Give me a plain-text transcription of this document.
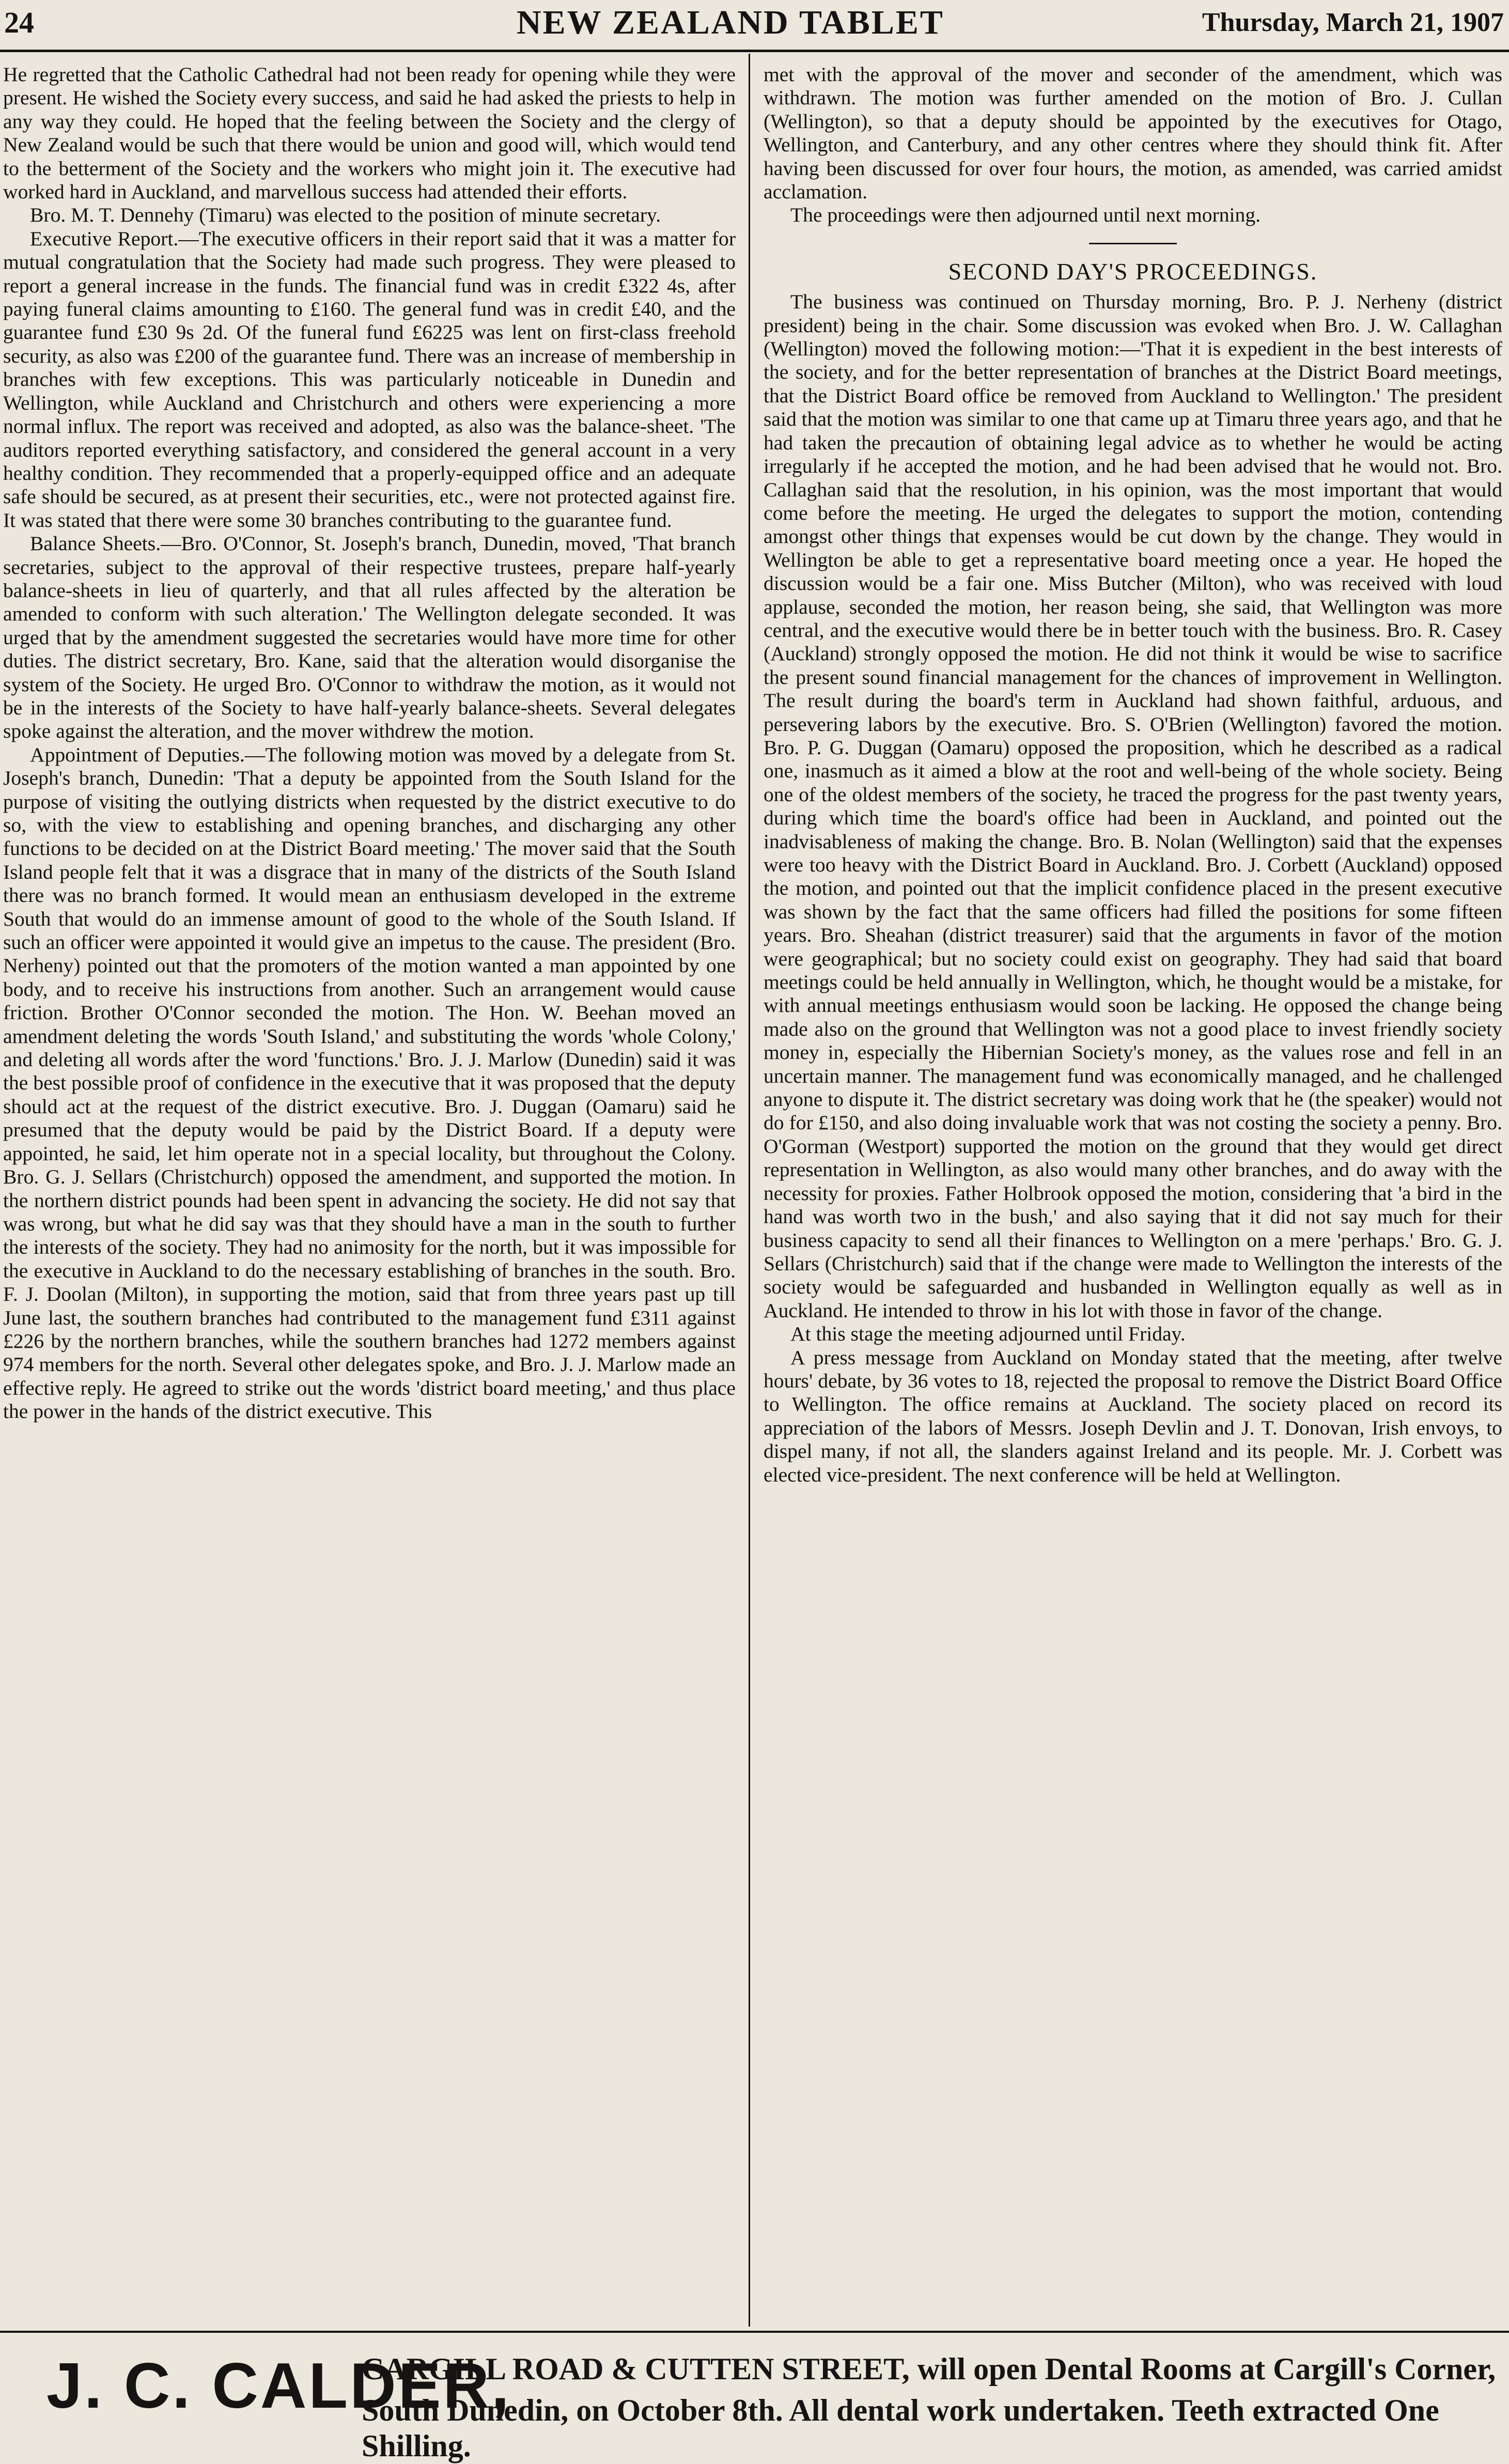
24	NEW ZEALAND TABLET	Thursday, March 21, 1907

He regretted that the Catholic Cathedral had not been ready for opening while they were present. He wished the Society every success, and said he had asked the priests to help in any way they could. He hoped that the feeling between the Society and the clergy of New Zealand would be such that there would be union and good will, which would tend to the betterment of the Society and the workers who might join it. The executive had worked hard in Auckland, and marvellous success had attended their efforts.

Bro. M. T. Dennehy (Timaru) was elected to the position of minute secretary.

Executive Report.—The executive officers in their report said that it was a matter for mutual congratulation that the Society had made such progress. They were pleased to report a general increase in the funds. The financial fund was in credit £322 4s, after paying funeral claims amounting to £160. The general fund was in credit £40, and the guarantee fund £30 9s 2d. Of the funeral fund £6225 was lent on first-class freehold security, as also was £200 of the guarantee fund. There was an increase of membership in branches with few exceptions. This was particularly noticeable in Dunedin and Wellington, while Auckland and Christchurch and others were experiencing a more normal influx. The report was received and adopted, as also was the balance-sheet. 'The auditors reported everything satisfactory, and considered the general account in a very healthy condition. They recommended that a properly-equipped office and an adequate safe should be secured, as at present their securities, etc., were not protected against fire. It was stated that there were some 30 branches contributing to the guarantee fund.

Balance Sheets.—Bro. O'Connor, St. Joseph's branch, Dunedin, moved, 'That branch secretaries, subject to the approval of their respective trustees, prepare half-yearly balance-sheets in lieu of quarterly, and that all rules affected by the alteration be amended to conform with such alteration.' The Wellington delegate seconded. It was urged that by the amendment suggested the secretaries would have more time for other duties. The district secretary, Bro. Kane, said that the alteration would disorganise the system of the Society. He urged Bro. O'Connor to withdraw the motion, as it would not be in the interests of the Society to have half-yearly balance-sheets. Several delegates spoke against the alteration, and the mover withdrew the motion.

Appointment of Deputies.—The following motion was moved by a delegate from St. Joseph's branch, Dunedin: 'That a deputy be appointed from the South Island for the purpose of visiting the outlying districts when requested by the district executive to do so, with the view to establishing and opening branches, and discharging any other functions to be decided on at the District Board meeting.' The mover said that the South Island people felt that it was a disgrace that in many of the districts of the South Island there was no branch formed. It would mean an enthusiasm developed in the extreme South that would do an immense amount of good to the whole of the South Island. If such an officer were appointed it would give an impetus to the cause. The president (Bro. Nerheny) pointed out that the promoters of the motion wanted a man appointed by one body, and to receive his instructions from another. Such an arrangement would cause friction. Brother O'Connor seconded the motion. The Hon. W. Beehan moved an amendment deleting the words 'South Island,' and substituting the words 'whole Colony,' and deleting all words after the word 'functions.' Bro. J. J. Marlow (Dunedin) said it was the best possible proof of confidence in the executive that it was proposed that the deputy should act at the request of the district executive. Bro. J. Duggan (Oamaru) said he presumed that the deputy would be paid by the District Board. If a deputy were appointed, he said, let him operate not in a special locality, but throughout the Colony. Bro. G. J. Sellars (Christchurch) opposed the amendment, and supported the motion. In the northern district pounds had been spent in advancing the society. He did not say that was wrong, but what he did say was that they should have a man in the south to further the interests of the society. They had no animosity for the north, but it was impossible for the executive in Auckland to do the necessary establishing of branches in the south. Bro. F. J. Doolan (Milton), in supporting the motion, said that from three years past up till June last, the southern branches had contributed to the management fund £311 against £226 by the northern branches, while the southern branches had 1272 members against 974 members for the north. Several other delegates spoke, and Bro. J. J. Marlow made an effective reply. He agreed to strike out the words 'district board meeting,' and thus place the power in the hands of the district executive. This

met with the approval of the mover and seconder of the amendment, which was withdrawn. The motion was further amended on the motion of Bro. J. Cullan (Wellington), so that a deputy should be appointed by the executives for Otago, Wellington, and Canterbury, and any other centres where they should think fit. After having been discussed for over four hours, the motion, as amended, was carried amidst acclamation.

The proceedings were then adjourned until next morning.

SECOND DAY'S PROCEEDINGS.

The business was continued on Thursday morning, Bro. P. J. Nerheny (district president) being in the chair. Some discussion was evoked when Bro. J. W. Callaghan (Wellington) moved the following motion:—'That it is expedient in the best interests of the society, and for the better representation of branches at the District Board meetings, that the District Board office be removed from Auckland to Wellington.' The president said that the motion was similar to one that came up at Timaru three years ago, and that he had taken the precaution of obtaining legal advice as to whether he would be acting irregularly if he accepted the motion, and he had been advised that he would not. Bro. Callaghan said that the resolution, in his opinion, was the most important that would come before the meeting. He urged the delegates to support the motion, contending amongst other things that expenses would be cut down by the change. They would in Wellington be able to get a representative board meeting once a year. He hoped the discussion would be a fair one. Miss Butcher (Milton), who was received with loud applause, seconded the motion, her reason being, she said, that Wellington was more central, and the executive would there be in better touch with the business. Bro. R. Casey (Auckland) strongly opposed the motion. He did not think it would be wise to sacrifice the present sound financial management for the chances of improvement in Wellington. The result during the board's term in Auckland had shown faithful, arduous, and persevering labors by the executive. Bro. S. O'Brien (Wellington) favored the motion. Bro. P. G. Duggan (Oamaru) opposed the proposition, which he described as a radical one, inasmuch as it aimed a blow at the root and well-being of the whole society. Being one of the oldest members of the society, he traced the progress for the past twenty years, during which time the board's office had been in Auckland, and pointed out the inadvisableness of making the change. Bro. B. Nolan (Wellington) said that the expenses were too heavy with the District Board in Auckland. Bro. J. Corbett (Auckland) opposed the motion, and pointed out that the implicit confidence placed in the present executive was shown by the fact that the same officers had filled the positions for some fifteen years. Bro. Sheahan (district treasurer) said that the arguments in favor of the motion were geographical; but no society could exist on geography. They had said that board meetings could be held annually in Wellington, which, he thought would be a mistake, for with annual meetings enthusiasm would soon be lacking. He opposed the change being made also on the ground that Wellington was not a good place to invest friendly society money in, especially the Hibernian Society's money, as the values rose and fell in an uncertain manner. The management fund was economically managed, and he challenged anyone to dispute it. The district secretary was doing work that he (the speaker) would not do for £150, and also doing invaluable work that was not costing the society a penny. Bro. O'Gorman (Westport) supported the motion on the ground that they would get direct representation in Wellington, as also would many other branches, and do away with the necessity for proxies. Father Holbrook opposed the motion, considering that 'a bird in the hand was worth two in the bush,' and also saying that it did not say much for their business capacity to send all their finances to Wellington on a mere 'perhaps.' Bro. G. J. Sellars (Christchurch) said that if the change were made to Wellington the interests of the society would be safeguarded and husbanded in Wellington equally as well as in Auckland. He intended to throw in his lot with those in favor of the change.

At this stage the meeting adjourned until Friday.

A press message from Auckland on Monday stated that the meeting, after twelve hours' debate, by 36 votes to 18, rejected the proposal to remove the District Board Office to Wellington. The office remains at Auckland. The society placed on record its appreciation of the labors of Messrs. Joseph Devlin and J. T. Donovan, Irish envoys, to dispel many, if not all, the slanders against Ireland and its people. Mr. J. Corbett was elected vice-president. The next conference will be held at Wellington.

J. C. CALDER,
CARGILL ROAD & CUTTEN STREET, will open Dental Rooms at Cargill's Corner,
South Dunedin, on October 8th. All dental work undertaken. Teeth extracted One Shilling.
